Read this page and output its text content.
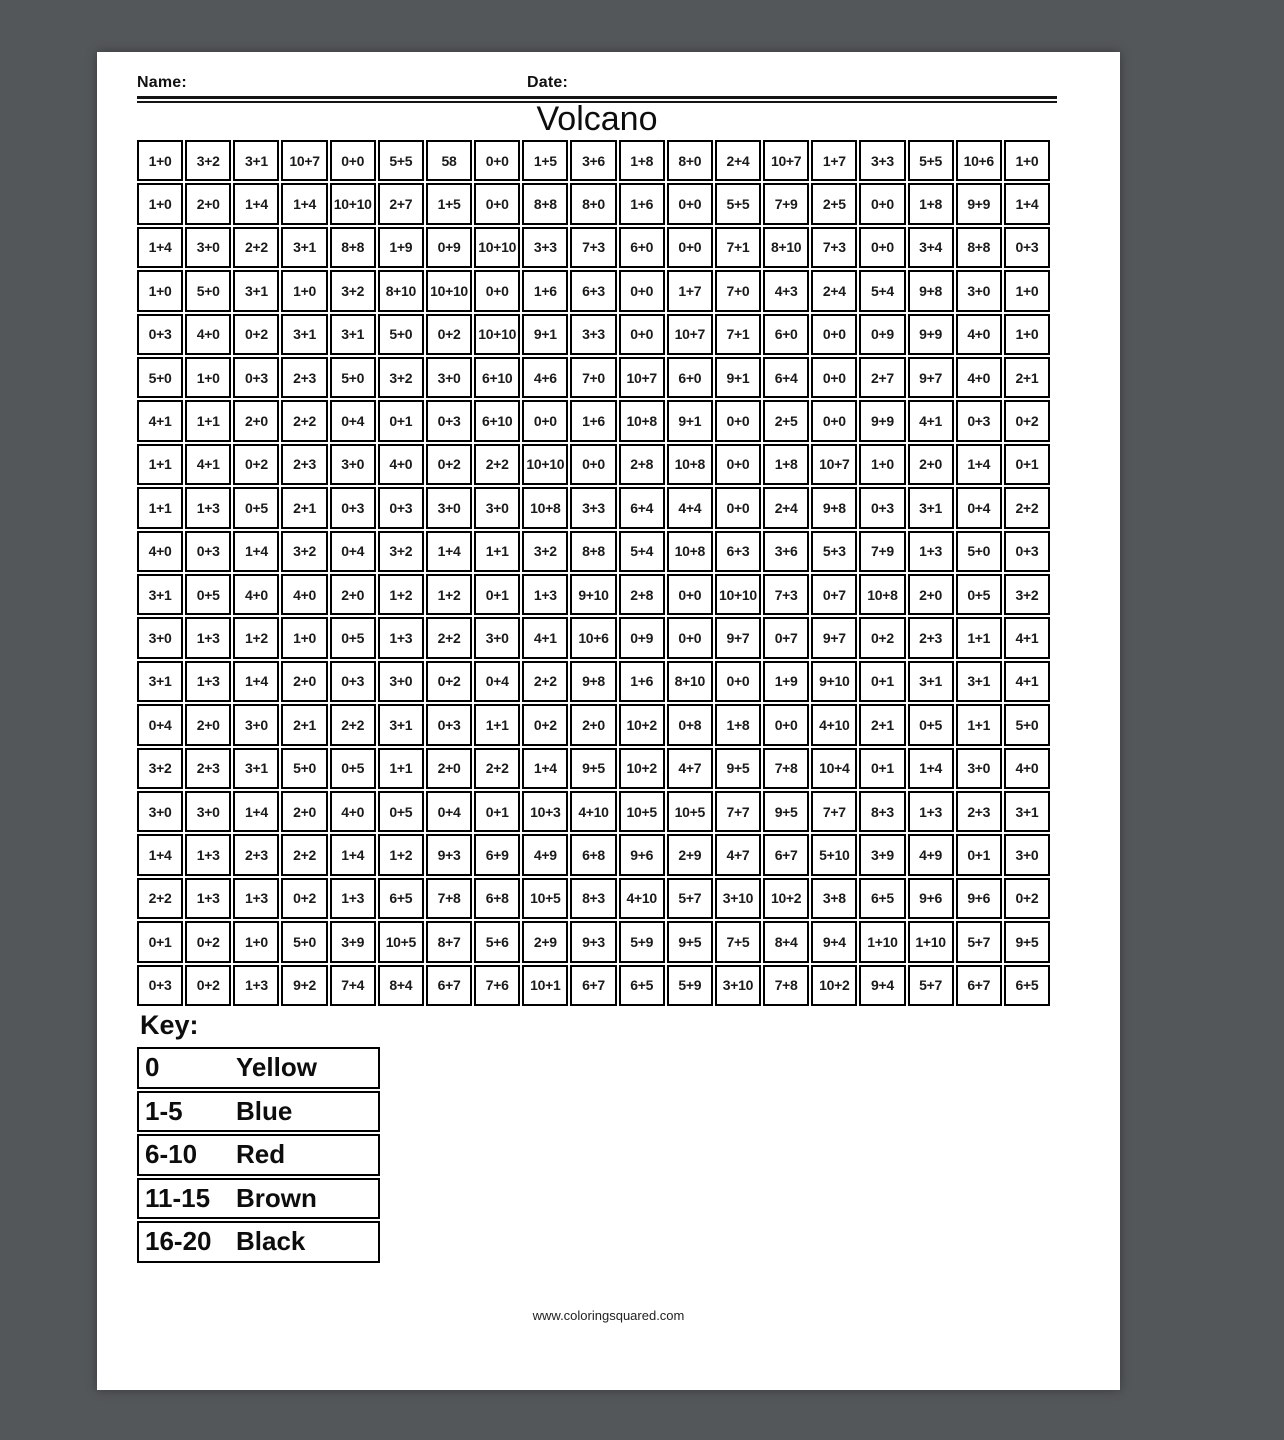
Name:	Date:
Volcano
1+0	3+2	3+1	10+7	0+0	5+5	58	0+0	1+5	3+6	1+8	8+0	2+4	10+7	1+7	3+3	5+5	10+6	1+0
1+0	2+0	1+4	1+4	10+10	2+7	1+5	0+0	8+8	8+0	1+6	0+0	5+5	7+9	2+5	0+0	1+8	9+9	1+4
1+4	3+0	2+2	3+1	8+8	1+9	0+9	10+10	3+3	7+3	6+0	0+0	7+1	8+10	7+3	0+0	3+4	8+8	0+3
1+0	5+0	3+1	1+0	3+2	8+10	10+10	0+0	1+6	6+3	0+0	1+7	7+0	4+3	2+4	5+4	9+8	3+0	1+0
0+3	4+0	0+2	3+1	3+1	5+0	0+2	10+10	9+1	3+3	0+0	10+7	7+1	6+0	0+0	0+9	9+9	4+0	1+0
5+0	1+0	0+3	2+3	5+0	3+2	3+0	6+10	4+6	7+0	10+7	6+0	9+1	6+4	0+0	2+7	9+7	4+0	2+1
4+1	1+1	2+0	2+2	0+4	0+1	0+3	6+10	0+0	1+6	10+8	9+1	0+0	2+5	0+0	9+9	4+1	0+3	0+2
1+1	4+1	0+2	2+3	3+0	4+0	0+2	2+2	10+10	0+0	2+8	10+8	0+0	1+8	10+7	1+0	2+0	1+4	0+1
1+1	1+3	0+5	2+1	0+3	0+3	3+0	3+0	10+8	3+3	6+4	4+4	0+0	2+4	9+8	0+3	3+1	0+4	2+2
4+0	0+3	1+4	3+2	0+4	3+2	1+4	1+1	3+2	8+8	5+4	10+8	6+3	3+6	5+3	7+9	1+3	5+0	0+3
3+1	0+5	4+0	4+0	2+0	1+2	1+2	0+1	1+3	9+10	2+8	0+0	10+10	7+3	0+7	10+8	2+0	0+5	3+2
3+0	1+3	1+2	1+0	0+5	1+3	2+2	3+0	4+1	10+6	0+9	0+0	9+7	0+7	9+7	0+2	2+3	1+1	4+1
3+1	1+3	1+4	2+0	0+3	3+0	0+2	0+4	2+2	9+8	1+6	8+10	0+0	1+9	9+10	0+1	3+1	3+1	4+1
0+4	2+0	3+0	2+1	2+2	3+1	0+3	1+1	0+2	2+0	10+2	0+8	1+8	0+0	4+10	2+1	0+5	1+1	5+0
3+2	2+3	3+1	5+0	0+5	1+1	2+0	2+2	1+4	9+5	10+2	4+7	9+5	7+8	10+4	0+1	1+4	3+0	4+0
3+0	3+0	1+4	2+0	4+0	0+5	0+4	0+1	10+3	4+10	10+5	10+5	7+7	9+5	7+7	8+3	1+3	2+3	3+1
1+4	1+3	2+3	2+2	1+4	1+2	9+3	6+9	4+9	6+8	9+6	2+9	4+7	6+7	5+10	3+9	4+9	0+1	3+0
2+2	1+3	1+3	0+2	1+3	6+5	7+8	6+8	10+5	8+3	4+10	5+7	3+10	10+2	3+8	6+5	9+6	9+6	0+2
0+1	0+2	1+0	5+0	3+9	10+5	8+7	5+6	2+9	9+3	5+9	9+5	7+5	8+4	9+4	1+10	1+10	5+7	9+5
0+3	0+2	1+3	9+2	7+4	8+4	6+7	7+6	10+1	6+7	6+5	5+9	3+10	7+8	10+2	9+4	5+7	6+7	6+5
Key:
0	Yellow
1-5	Blue
6-10	Red
11-15 Brown
16-20 Black
www.coloringsquared.com
